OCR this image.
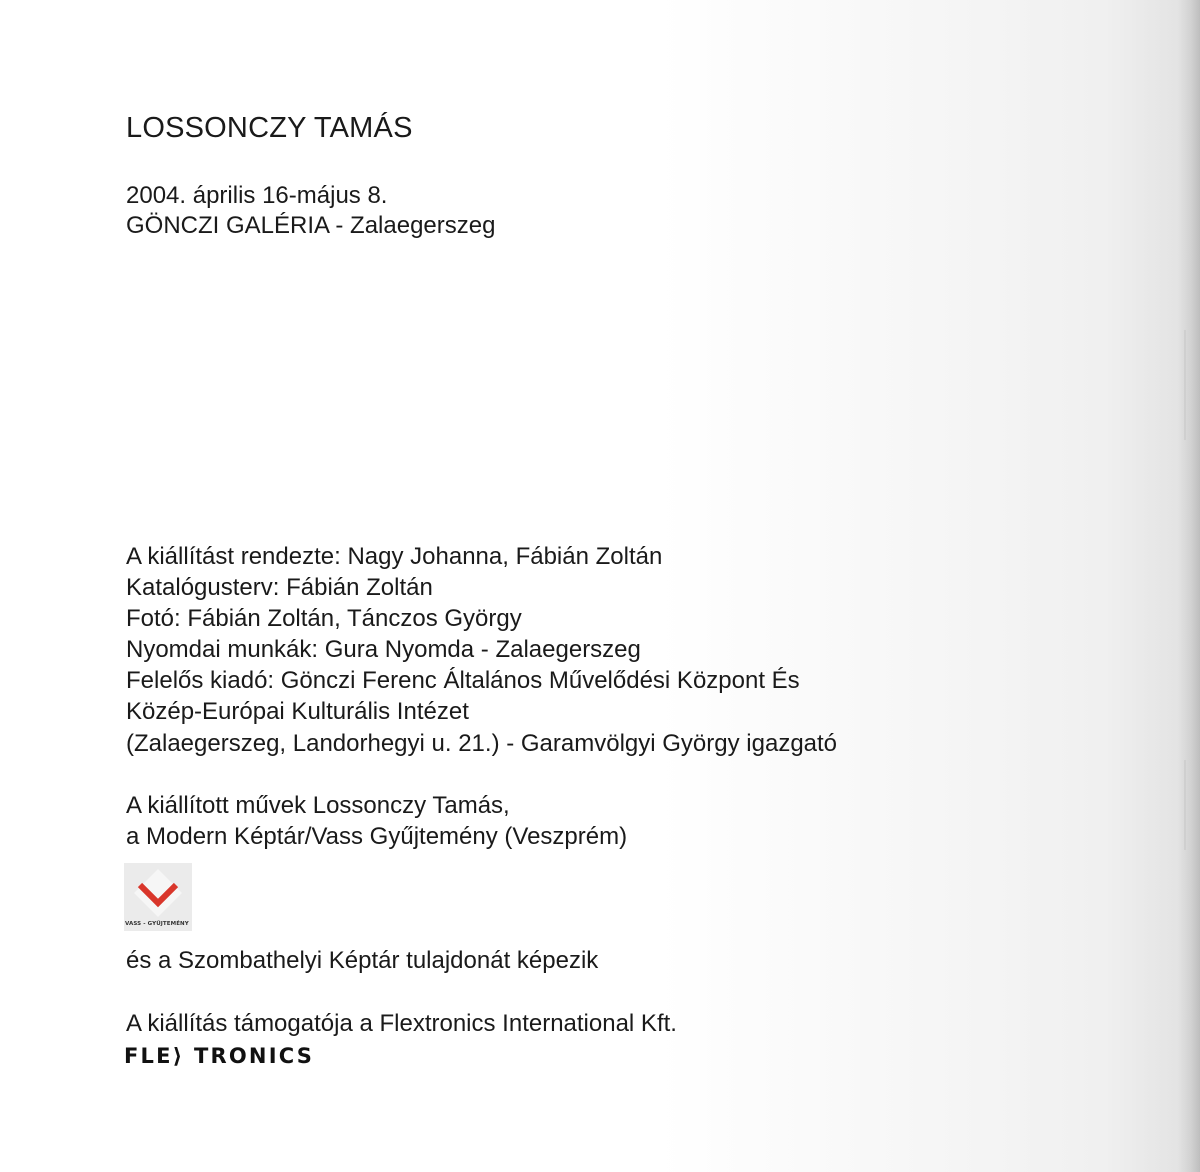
LOSSONCZY TAMÁS
2004. április 16-május 8.
GÖNCZI GALÉRIA - Zalaegerszeg
A kiállítást rendezte: Nagy Johanna, Fábián Zoltán
Katalógusterv: Fábián Zoltán
Fotó: Fábián Zoltán, Tánczos György
Nyomdai munkák: Gura Nyomda - Zalaegerszeg
Felelős kiadó: Gönczi Ferenc Általános Művelődési Központ És
Közép-Európai Kulturális Intézet
(Zalaegerszeg, Landorhegyi u. 21.) - Garamvölgyi György igazgató
A kiállított művek Lossonczy Tamás,
a Modern Képtár/Vass Gyűjtemény (Veszprém)
VASS - GYŰJTEMÉNY
és a Szombathelyi Képtár tulajdonát képezik
A kiállítás támogatója a Flextronics International Kft.
FLE⟩ TRONICS
